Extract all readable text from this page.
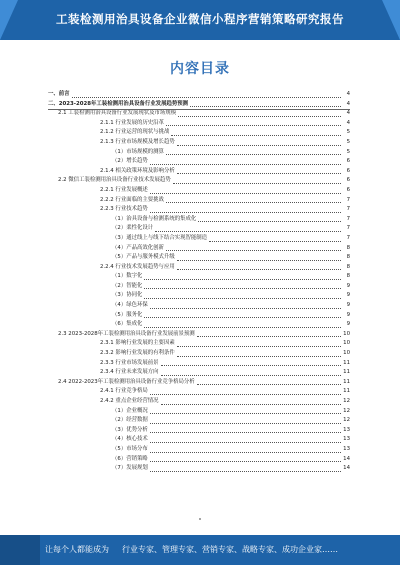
工装检测用治具设备企业微信小程序营销策略研究报告
内容目录
一、前言	4
二、2023-2028年工装检测用治具设备行业发展趋势预测	4
2.1 工装检测用治具设备行业发展现状及市场规模	4
2.1.1 行业发展的历史沿革	4
2.1.2 行业运营的现状与挑战	5
2.1.3 行业市场规模及增长趋势	5
（1）市场规模的测算	5
（2）增长趋势	6
2.1.4 相关政策环境及影响分析	6
2.2 微信工装检测用治具设备行业技术发展趋势	6
2.2.1 行业发展概述	6
2.2.2 行业面临的主要挑战	7
2.2.3 行业技术趋势	7
（1）治具设备与检测系统的集成化	7
（2）柔性化设计	7
（3）通过线上与线下结合实现智能制造	7
（4）产品高效化创新	8
（5）产品与服务模式升级	8
2.2.4 行业技术发展趋势与应用	8
（1）数字化	8
（2）智能化	9
（3）协同化	9
（4）绿色环保	9
（5）服务化	9
（6）集成化	9
2.3 2023-2028年工装检测用治具设备行业发展前景预测	10
2.3.1 影响行业发展的主要因素	10
2.3.2 影响行业发展的有利条件	10
2.3.3 行业市场发展前景	11
2.3.4 行业未来发展方向	11
2.4 2022-2023年工装检测用治具设备行业竞争格局分析	11
2.4.1 行业竞争格局	11
2.4.2 重点企业经营情况	12
（1）企业概况	12
（2）经营数据	12
（3）优势分析	13
（4）核心技术	13
（5）市场分布	13
（6）营销策略	14
（7）发展规划	14
让每个人都能成为 行业专家、管理专家、营销专家、战略专家、成功企业家……
